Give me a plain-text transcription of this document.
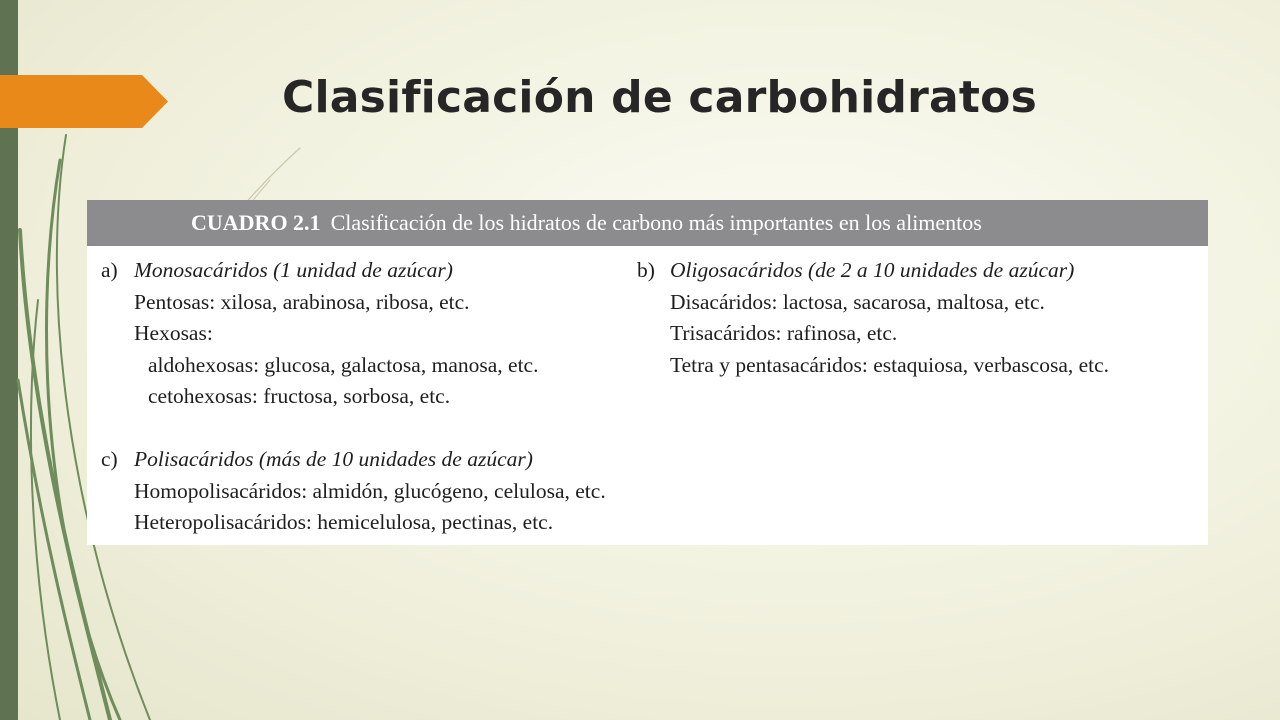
Clasificación de carbohidratos
CUADRO 2.1 Clasificación de los hidratos de carbono más importantes en los alimentos
a) Monosacáridos (1 unidad de azúcar)
Pentosas: xilosa, arabinosa, ribosa, etc.
Hexosas:
aldohexosas: glucosa, galactosa, manosa, etc.
cetohexosas: fructosa, sorbosa, etc.
b) Oligosacáridos (de 2 a 10 unidades de azúcar)
Disacáridos: lactosa, sacarosa, maltosa, etc.
Trisacáridos: rafinosa, etc.
Tetra y pentasacáridos: estaquiosa, verbascosa, etc.
c) Polisacáridos (más de 10 unidades de azúcar)
Homopolisacáridos: almidón, glucógeno, celulosa, etc.
Heteropolisacáridos: hemicelulosa, pectinas, etc.
